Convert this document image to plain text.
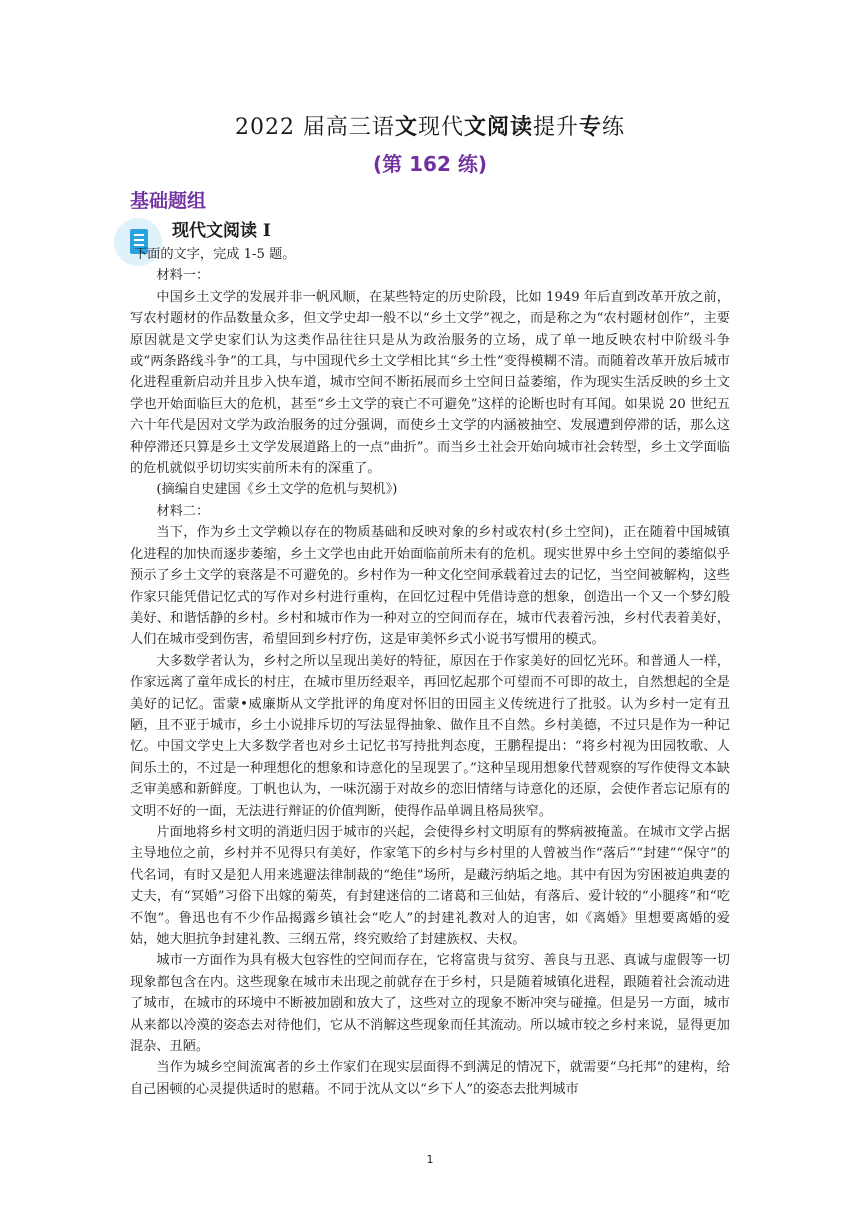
2022 届高三语文现代文阅读提升专练
(第 162 练)
基础题组
现代文阅读 I

下面的文字，完成 1-5 题。

材料一：

中国乡土文学的发展并非一帆风顺，在某些特定的历史阶段，比如 1949 年后直到改革开放之前，写农村题材的作品数量众多，但文学史却一般不以“乡土文学”视之，而是称之为“农村题材创作”，主要原因就是文学史家们认为这类作品往往只是从为政治服务的立场，成了单一地反映农村中阶级斗争或“两条路线斗争”的工具，与中国现代乡土文学相比其“乡土性”变得模糊不清。而随着改革开放后城市化进程重新启动并且步入快车道，城市空间不断拓展而乡土空间日益萎缩，作为现实生活反映的乡土文学也开始面临巨大的危机，甚至“乡土文学的衰亡不可避免”这样的论断也时有耳闻。如果说 20 世纪五六十年代是因对文学为政治服务的过分强调，而使乡土文学的内涵被抽空、发展遭到停滞的话，那么这种停滞还只算是乡土文学发展道路上的一点“曲折”。而当乡土社会开始向城市社会转型，乡土文学面临的危机就似乎切切实实前所未有的深重了。

(摘编自史建国《乡土文学的危机与契机》)

材料二：

当下，作为乡土文学赖以存在的物质基础和反映对象的乡村或农村(乡土空间)，正在随着中国城镇化进程的加快而逐步萎缩，乡土文学也由此开始面临前所未有的危机。现实世界中乡土空间的萎缩似乎预示了乡土文学的衰落是不可避免的。乡村作为一种文化空间承载着过去的记忆，当空间被解构，这些作家只能凭借记忆式的写作对乡村进行重构，在回忆过程中凭借诗意的想象，创造出一个又一个梦幻般美好、和谐恬静的乡村。乡村和城市作为一种对立的空间而存在，城市代表着污浊，乡村代表着美好，人们在城市受到伤害，希望回到乡村疗伤，这是审美怀乡式小说书写惯用的模式。

大多数学者认为，乡村之所以呈现出美好的特征，原因在于作家美好的回忆光环。和普通人一样，作家远离了童年成长的村庄，在城市里历经艰辛，再回忆起那个可望而不可即的故土，自然想起的全是美好的记忆。雷蒙•威廉斯从文学批评的角度对怀旧的田园主义传统进行了批驳。认为乡村一定有丑陋，且不亚于城市，乡土小说排斥切的写法显得抽象、做作且不自然。乡村美德，不过只是作为一种记忆。中国文学史上大多数学者也对乡土记忆书写持批判态度，王鹏程提出：“将乡村视为田园牧歌、人间乐土的，不过是一种理想化的想象和诗意化的呈现罢了。”这种呈现用想象代替观察的写作使得文本缺乏审美感和新鲜度。丁帆也认为，一味沉溺于对故乡的恋旧情绪与诗意化的还原，会使作者忘记原有的文明不好的一面，无法进行辩证的价值判断，使得作品单调且格局狭窄。

片面地将乡村文明的消逝归因于城市的兴起，会使得乡村文明原有的弊病被掩盖。在城市文学占据主导地位之前，乡村并不见得只有美好，作家笔下的乡村与乡村里的人曾被当作“落后”“封建”“保守”的代名词，有时又是犯人用来逃避法律制裁的“绝佳”场所，是藏污纳垢之地。其中有因为穷困被迫典妻的丈夫，有“冥婚”习俗下出嫁的菊英，有封建迷信的二诸葛和三仙姑，有落后、爱计较的“小腿疼”和“吃不饱”。鲁迅也有不少作品揭露乡镇社会“吃人”的封建礼教对人的迫害，如《离婚》里想要离婚的爱姑，她大胆抗争封建礼教、三纲五常，终究败给了封建族权、夫权。

城市一方面作为具有极大包容性的空间而存在，它将富贵与贫穷、善良与丑恶、真诚与虚假等一切现象都包含在内。这些现象在城市未出现之前就存在于乡村，只是随着城镇化进程，跟随着社会流动进了城市，在城市的环境中不断被加剧和放大了，这些对立的现象不断冲突与碰撞。但是另一方面，城市从来都以冷漠的姿态去对待他们，它从不消解这些现象而任其流动。所以城市较之乡村来说，显得更加混杂、丑陋。

当作为城乡空间流寓者的乡土作家们在现实层面得不到满足的情况下，就需要“乌托邦”的建构，给自己困顿的心灵提供适时的慰藉。不同于沈从文以“乡下人”的姿态去批判城市

1
